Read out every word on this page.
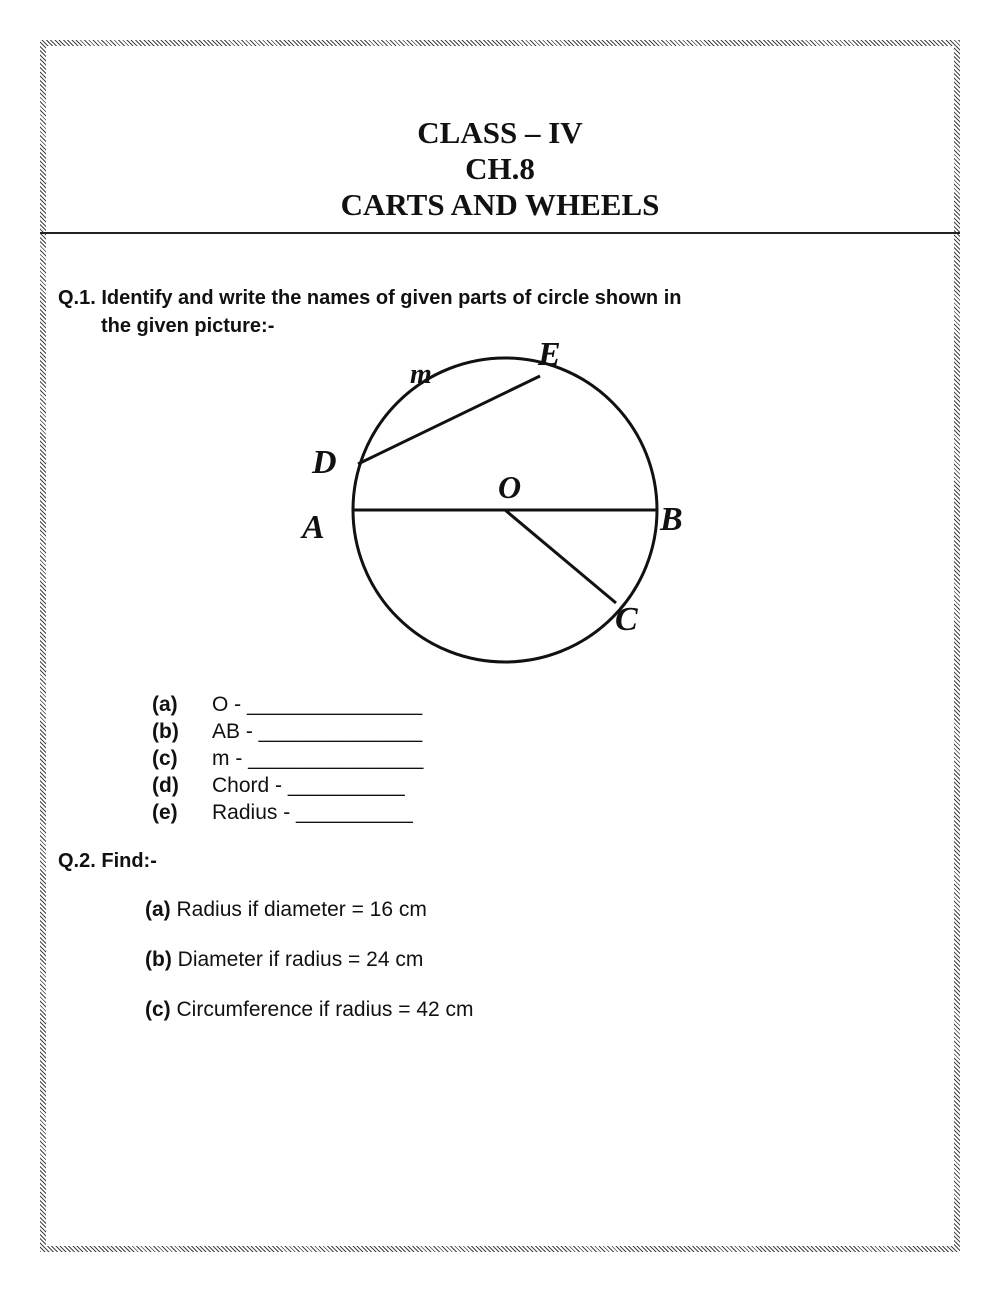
CLASS – IV
CH.8
CARTS AND WHEELS
Q.1. Identify and write the names of given parts of circle shown in
the given picture:-
m
E
D
O
A	B
C
(a)	O - _______________
(b)	AB - ______________
(c)	m - _______________
(d)	Chord - __________
(e)	Radius - __________
Q.2. Find:-
(a) Radius if diameter = 16 cm
(b) Diameter if radius = 24 cm
(c) Circumference if radius = 42 cm
